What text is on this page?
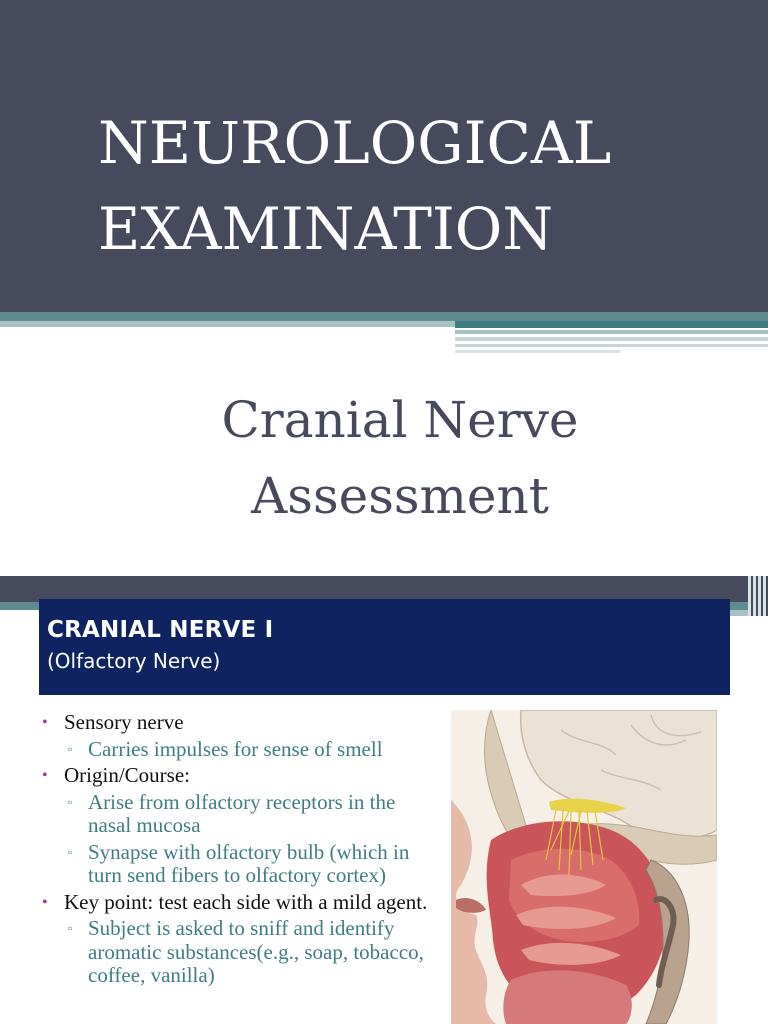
NEUROLOGICAL
EXAMINATION
Cranial Nerve
Assessment
CRANIAL NERVE I
(Olfactory Nerve)
• Sensory nerve
▫ Carries impulses for sense of smell
• Origin/Course:
▫ Arise from olfactory receptors in the nasal mucosa
▫ Synapse with olfactory bulb (which in turn send fibers to olfactory cortex)
• Key point: test each side with a mild agent.
▫ Subject is asked to sniff and identify aromatic substances(e.g., soap, tobacco, coffee, vanilla)
